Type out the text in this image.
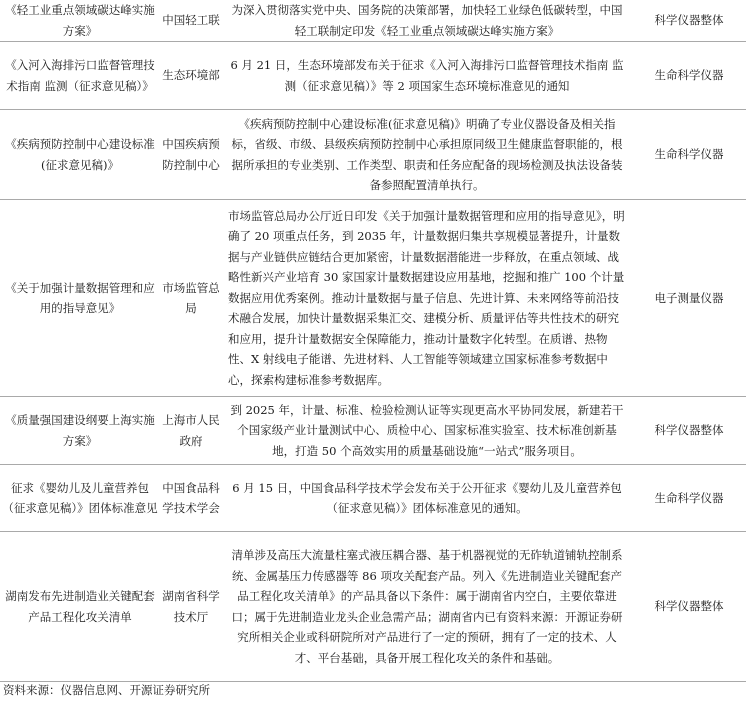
《轻工业重点领域碳达峰实施方案》	中国轻工联	为深入贯彻落实党中央、国务院的决策部署，加快轻工业绿色低碳转型，中国轻工联制定印发《轻工业重点领域碳达峰实施方案》	科学仪器整体
《入河入海排污口监督管理技术指南 监测（征求意见稿）》	生态环境部	6 月 21 日，生态环境部发布关于征求《入河入海排污口监督管理技术指南 监测（征求意见稿）》等 2 项国家生态环境标准意见的通知	生命科学仪器
《疾病预防控制中心建设标准(征求意见稿)》	中国疾病预防控制中心	《疾病预防控制中心建设标准(征求意见稿)》明确了专业仪器设备及相关指标，省级、市级、县级疾病预防控制中心承担原同级卫生健康监督职能的，根据所承担的专业类别、工作类型、职责和任务应配备的现场检测及执法设备装备参照配置清单执行。	生命科学仪器
《关于加强计量数据管理和应用的指导意见》	市场监管总局	市场监管总局办公厅近日印发《关于加强计量数据管理和应用的指导意见》，明确了 20 项重点任务，到 2035 年，计量数据归集共享规模显著提升，计量数据与产业链供应链结合更加紧密，计量数据潜能进一步释放，在重点领域、战略性新兴产业培育 30 家国家计量数据建设应用基地，挖掘和推广 100 个计量数据应用优秀案例。推动计量数据与量子信息、先进计算、未来网络等前沿技术融合发展，加快计量数据采集汇交、建模分析、质量评估等共性技术的研究和应用，提升计量数据安全保障能力，推动计量数字化转型。在质谱、热物性、X 射线电子能谱、先进材料、人工智能等领域建立国家标准参考数据中心，探索构建标准参考数据库。	电子测量仪器
《质量强国建设纲要上海实施方案》	上海市人民政府	到 2025 年，计量、标准、检验检测认证等实现更高水平协同发展，新建若干个国家级产业计量测试中心、质检中心、国家标准实验室、技术标准创新基地，打造 50 个高效实用的质量基础设施“一站式”服务项目。	科学仪器整体
征求《婴幼儿及儿童营养包（征求意见稿）》团体标准意见	中国食品科学技术学会	6 月 15 日，中国食品科学技术学会发布关于公开征求《婴幼儿及儿童营养包（征求意见稿）》团体标准意见的通知。	生命科学仪器
湖南发布先进制造业关键配套产品工程化攻关清单	湖南省科学技术厅	清单涉及高压大流量柱塞式液压耦合器、基于机器视觉的无砟轨道铺轨控制系统、金属基压力传感器等 86 项攻关配套产品。列入《先进制造业关键配套产品工程化攻关清单》的产品具备以下条件：属于湖南省内空白，主要依靠进口；属于先进制造业龙头企业急需产品；湖南省内已有资料来源：开源证券研究所相关企业或科研院所对产品进行了一定的预研，拥有了一定的技术、人才、平台基础，具备开展工程化攻关的条件和基础。	科学仪器整体
资料来源：仪器信息网、开源证券研究所
